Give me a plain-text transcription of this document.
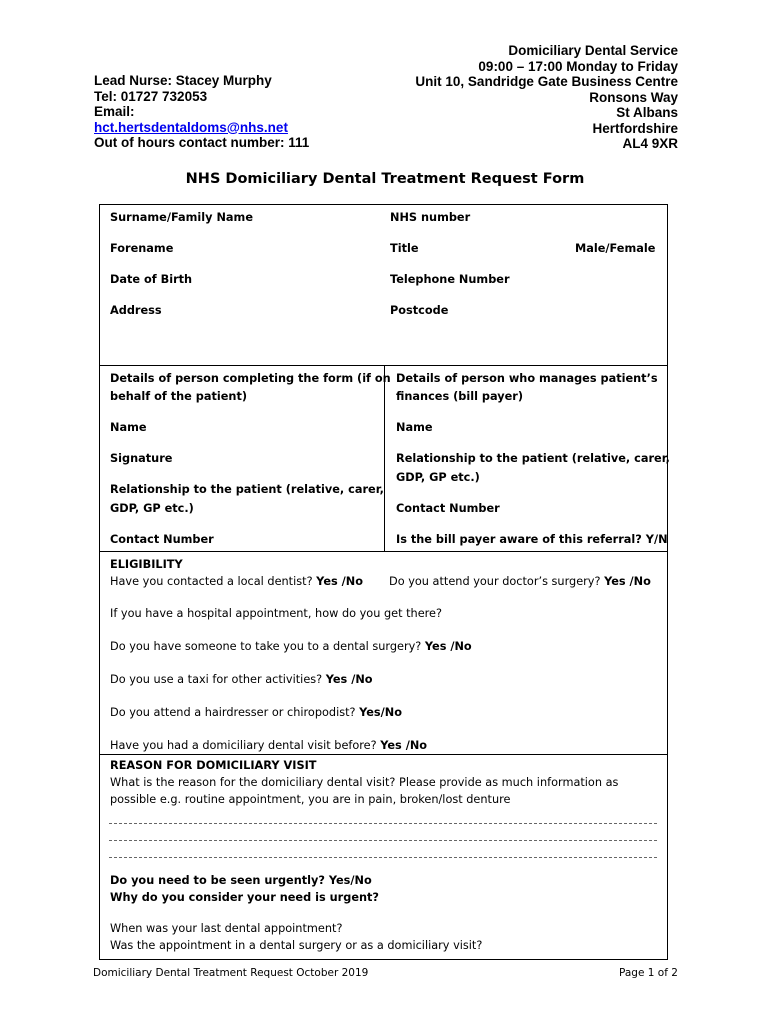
Lead Nurse: Stacey Murphy
Tel: 01727 732053
Email:
hct.hertsdentaldoms@nhs.net
Out of hours contact number: 111
Domiciliary Dental Service
09:00 – 17:00 Monday to Friday
Unit 10, Sandridge Gate Business Centre
Ronsons Way
St Albans
Hertfordshire
AL4 9XR
NHS Domiciliary Dental Treatment Request Form
Surname/Family Name	NHS number
Forename	Title	Male/Female
Date of Birth	Telephone Number
Address	Postcode
Details of person completing the form (if on
behalf of the patient)
Name
Signature
Relationship to the patient (relative, carer,
GDP, GP etc.)
Contact Number
Details of person who manages patient’s
finances (bill payer)
Name
Relationship to the patient (relative, carer,
GDP, GP etc.)
Contact Number
Is the bill payer aware of this referral? Y/N
ELIGIBILITY
Have you contacted a local dentist? Yes /No Do you attend your doctor’s surgery? Yes /No
If you have a hospital appointment, how do you get there?
Do you have someone to take you to a dental surgery? Yes /No
Do you use a taxi for other activities? Yes /No
Do you attend a hairdresser or chiropodist? Yes/No
Have you had a domiciliary dental visit before? Yes /No
REASON FOR DOMICILIARY VISIT
What is the reason for the domiciliary dental visit? Please provide as much information as
possible e.g. routine appointment, you are in pain, broken/lost denture
Do you need to be seen urgently? Yes/No
Why do you consider your need is urgent?
When was your last dental appointment?
Was the appointment in a dental surgery or as a domiciliary visit?
Domiciliary Dental Treatment Request October 2019	Page 1 of 2
